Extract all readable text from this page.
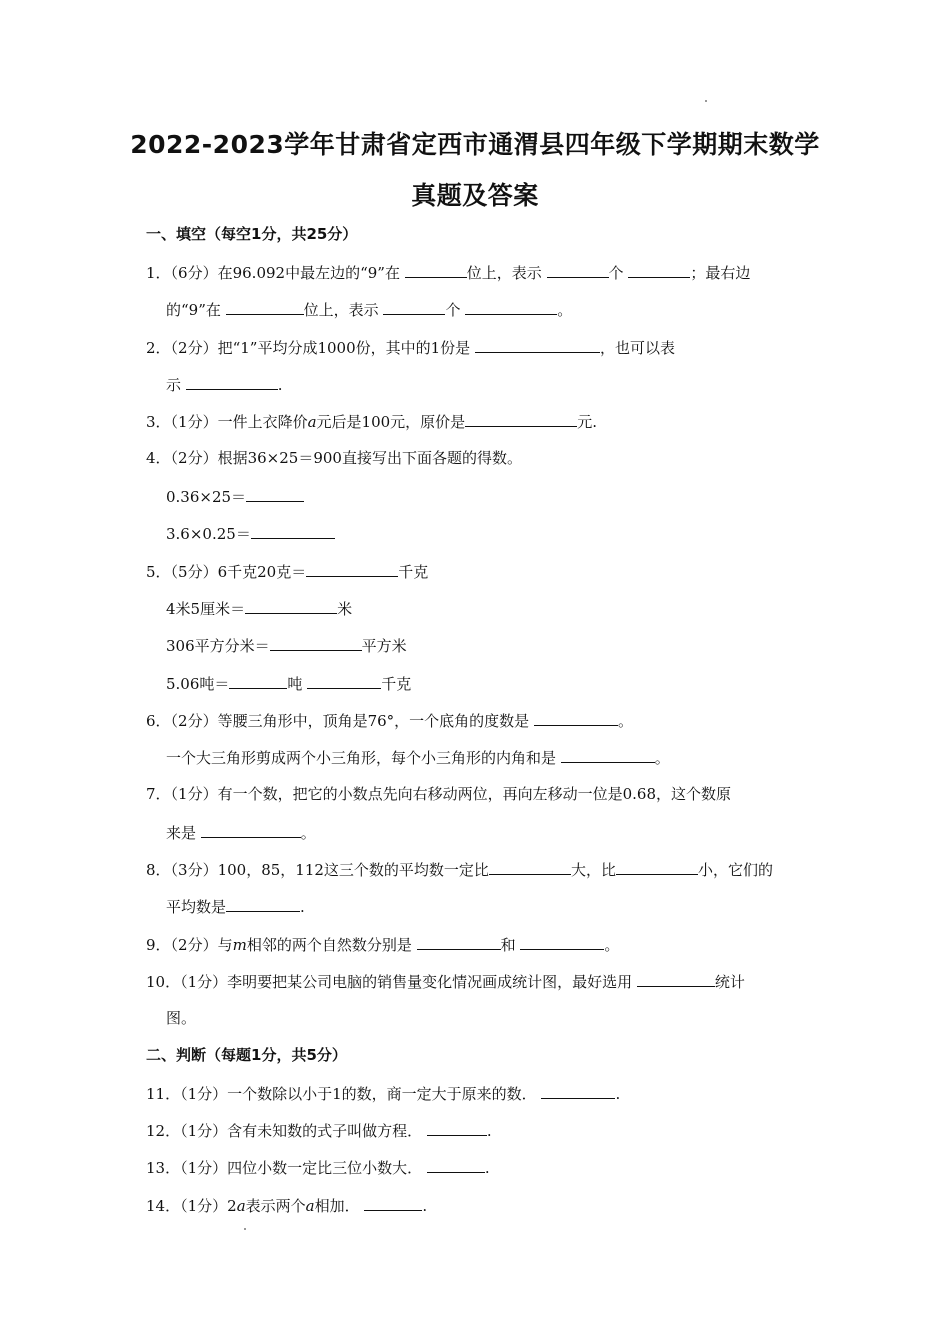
2022-2023学年甘肃省定西市通渭县四年级下学期期末数学
真题及答案
一、填空（每空1分，共25分）
1．（6分）在96.092中最左边的“9”在	位上，表示	个	；最右边
的“9”在	位上，表示	个	。
2．（2分）把“1”平均分成1000份，其中的1份是	，也可以表
示	.
3．（1分）一件上衣降价a元后是100元，原价是	元.
4．（2分）根据36×25＝900直接写出下面各题的得数。
0.36×25＝
3.6×0.25＝
5．（5分）6千克20克＝	千克
4米5厘米＝	米
306平方分米＝	平方米
5.06吨＝	吨	千克
6．（2分）等腰三角形中，顶角是76°，一个底角的度数是	。
一个大三角形剪成两个小三角形，每个小三角形的内角和是	。
7．（1分）有一个数，把它的小数点先向右移动两位，再向左移动一位是0.68，这个数原
来是	。
8．（3分）100，85，112这三个数的平均数一定比	大，比	小，它们的
平均数是	.
9．（2分）与m相邻的两个自然数分别是	和	。
10．（1分）李明要把某公司电脑的销售量变化情况画成统计图，最好选用	统计
图。
二、判断（每题1分，共5分）
11．（1分）一个数除以小于1的数，商一定大于原来的数．	.
12．（1分）含有未知数的式子叫做方程．	.
13．（1分）四位小数一定比三位小数大．	.
14．（1分）2a表示两个a相加．	.
